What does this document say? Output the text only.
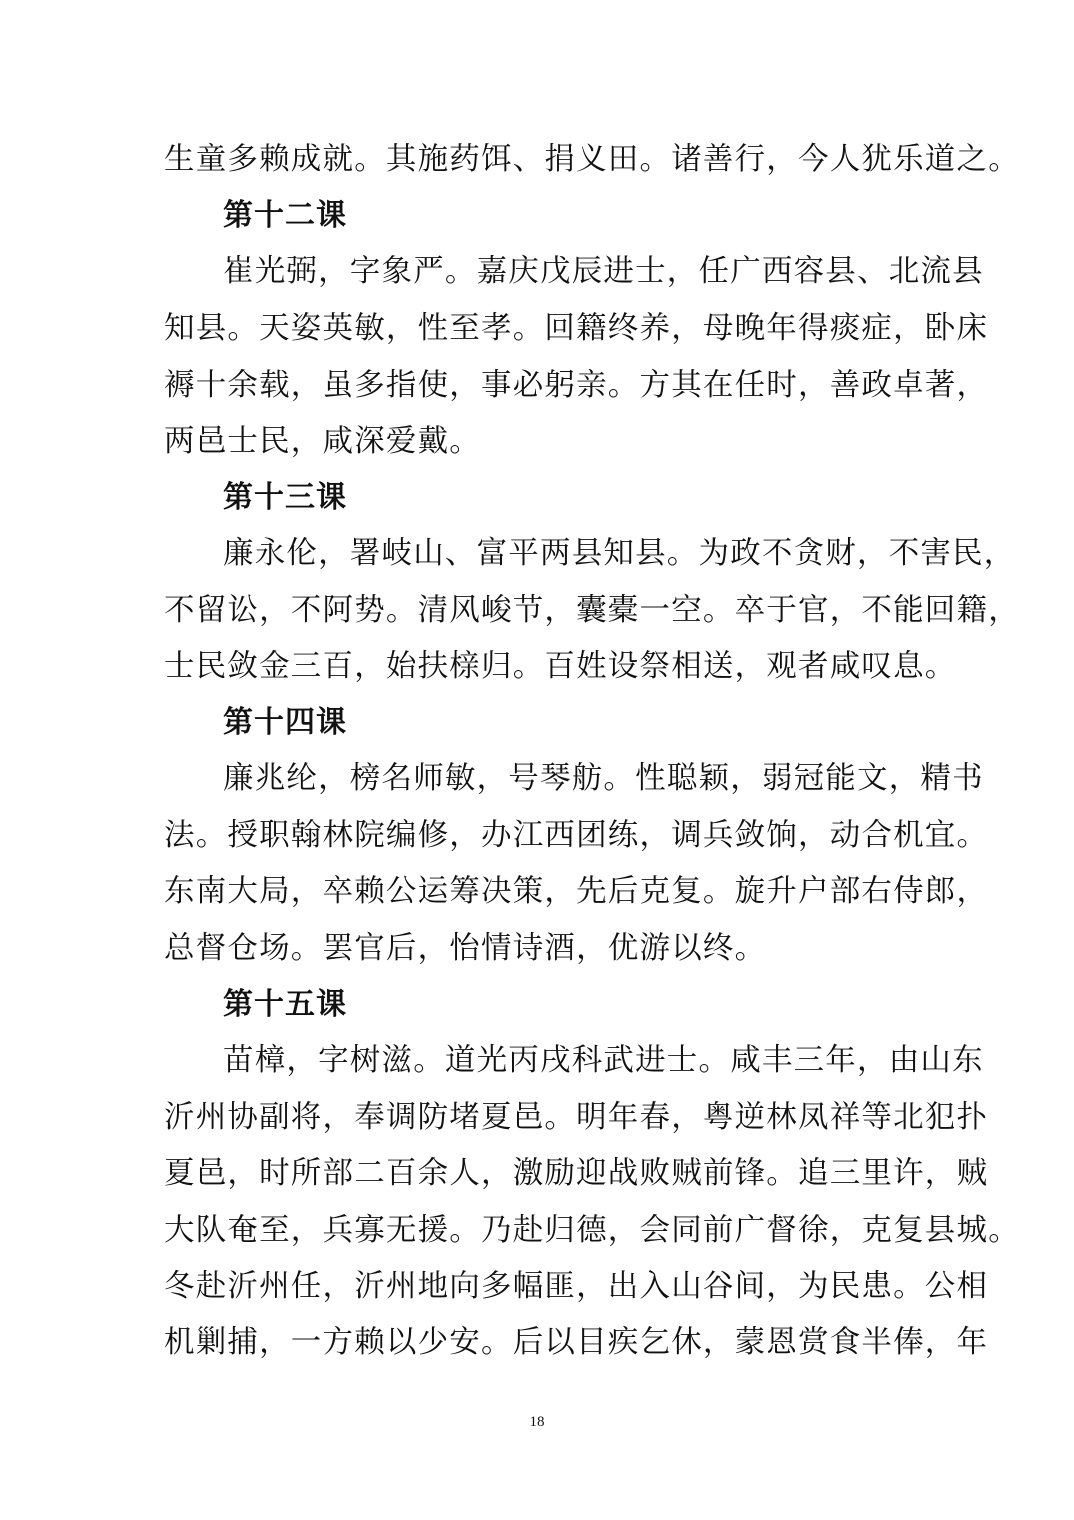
生童多赖成就。其施药饵、捐义田。诸善行，今人犹乐道之。
第十二课
崔光弼，字象严。嘉庆戊辰进士，任广西容县、北流县
知县。天姿英敏，性至孝。回籍终养，母晚年得痰症，卧床
褥十余载，虽多指使，事必躬亲。方其在任时，善政卓著，
两邑士民，咸深爱戴。
第十三课
廉永伦，署岐山、富平两县知县。为政不贪财，不害民，
不留讼，不阿势。清风峻节，囊橐一空。卒于官，不能回籍，
士民敛金三百，始扶榇归。百姓设祭相送，观者咸叹息。
第十四课
廉兆纶，榜名师敏，号琴舫。性聪颖，弱冠能文，精书
法。授职翰林院编修，办江西团练，调兵敛饷，动合机宜。
东南大局，卒赖公运筹决策，先后克复。旋升户部右侍郎，
总督仓场。罢官后，怡情诗酒，优游以终。
第十五课
苗樟，字树滋。道光丙戌科武进士。咸丰三年，由山东
沂州协副将，奉调防堵夏邑。明年春，粤逆林凤祥等北犯扑
夏邑，时所部二百余人，激励迎战败贼前锋。追三里许，贼
大队奄至，兵寡无援。乃赴归德，会同前广督徐，克复县城。
冬赴沂州任，沂州地向多幅匪，出入山谷间，为民患。公相
机剿捕，一方赖以少安。后以目疾乞休，蒙恩赏食半俸，年
18
